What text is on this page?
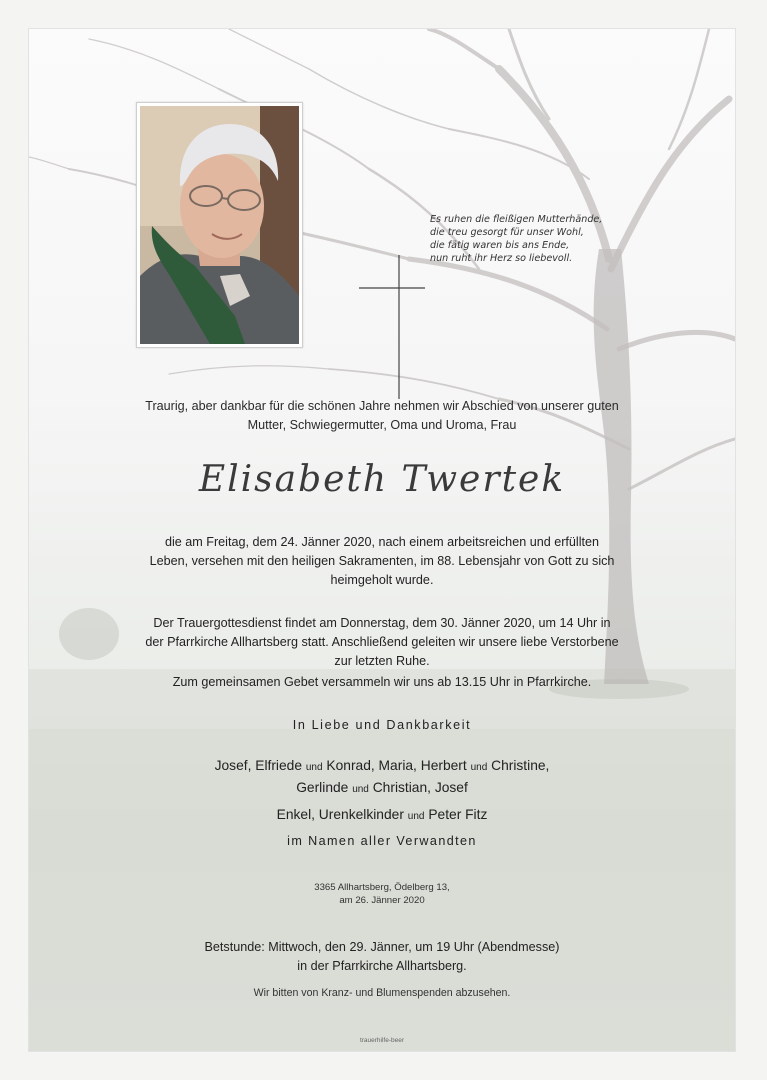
Es ruhen die fleißigen Mutterhände,
die treu gesorgt für unser Wohl,
die fätig waren bis ans Ende,
nun ruht ihr Herz so liebevoll.
Traurig, aber dankbar für die schönen Jahre nehmen wir Abschied von unserer guten
Mutter, Schwiegermutter, Oma und Uroma, Frau
Elisabeth Twertek
die am Freitag, dem 24. Jänner 2020, nach einem arbeitsreichen und erfüllten
Leben, versehen mit den heiligen Sakramenten, im 88. Lebensjahr von Gott zu sich
heimgeholt wurde.
Der Trauergottesdienst findet am Donnerstag, dem 30. Jänner 2020, um 14 Uhr in
der Pfarrkirche Allhartsberg statt. Anschließend geleiten wir unsere liebe Verstorbene
zur letzten Ruhe.
Zum gemeinsamen Gebet versammeln wir uns ab 13.15 Uhr in Pfarrkirche.
In Liebe und Dankbarkeit
Josef, Elfriede und Konrad, Maria, Herbert und Christine,
Gerlinde und Christian, Josef
Enkel, Urenkelkinder und Peter Fitz
im Namen aller Verwandten
3365 Allhartsberg, Ödelberg 13,
am 26. Jänner 2020
Betstunde: Mittwoch, den 29. Jänner, um 19 Uhr (Abendmesse)
in der Pfarrkirche Allhartsberg.
Wir bitten von Kranz- und Blumenspenden abzusehen.
trauerhilfe-beer
